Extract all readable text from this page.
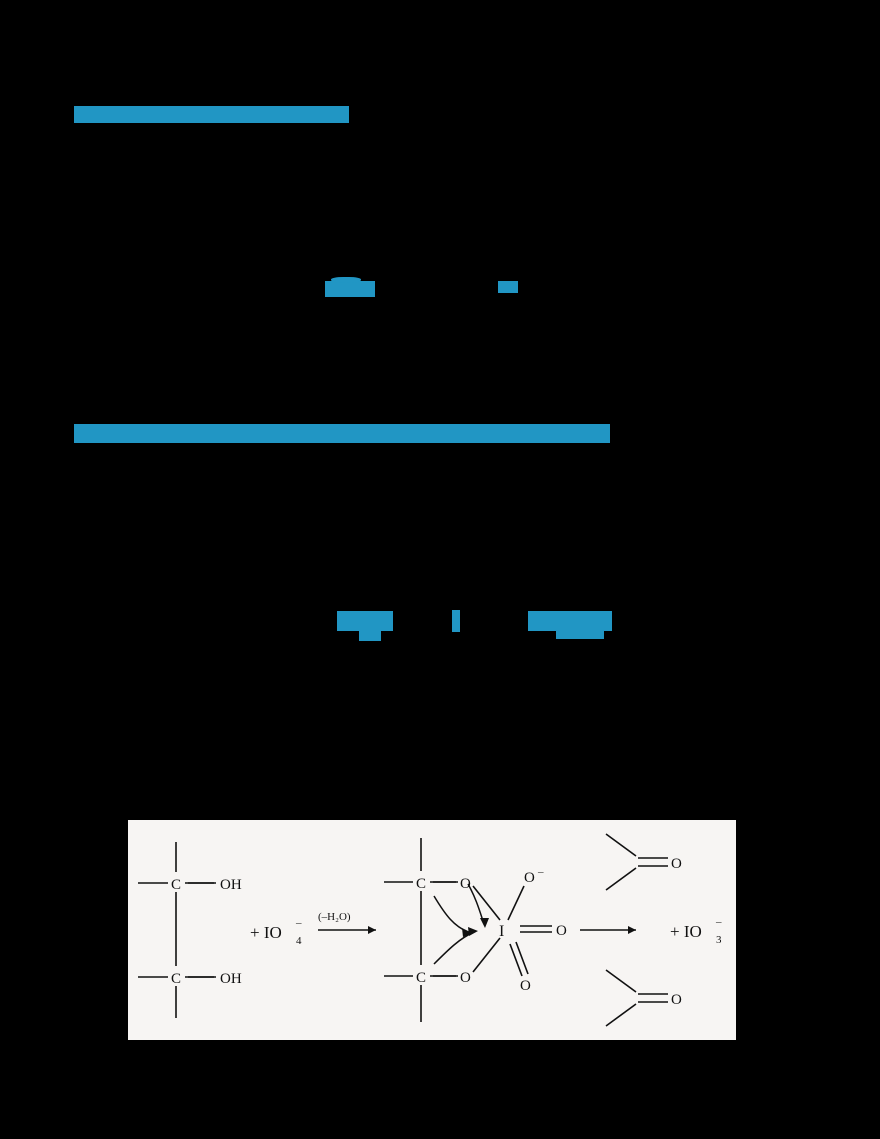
C
C
OH
OH
+ IO 4
– (–H₂O)
C
C
O
O
I
O –
O
O
O
O
+ IO 3
–
